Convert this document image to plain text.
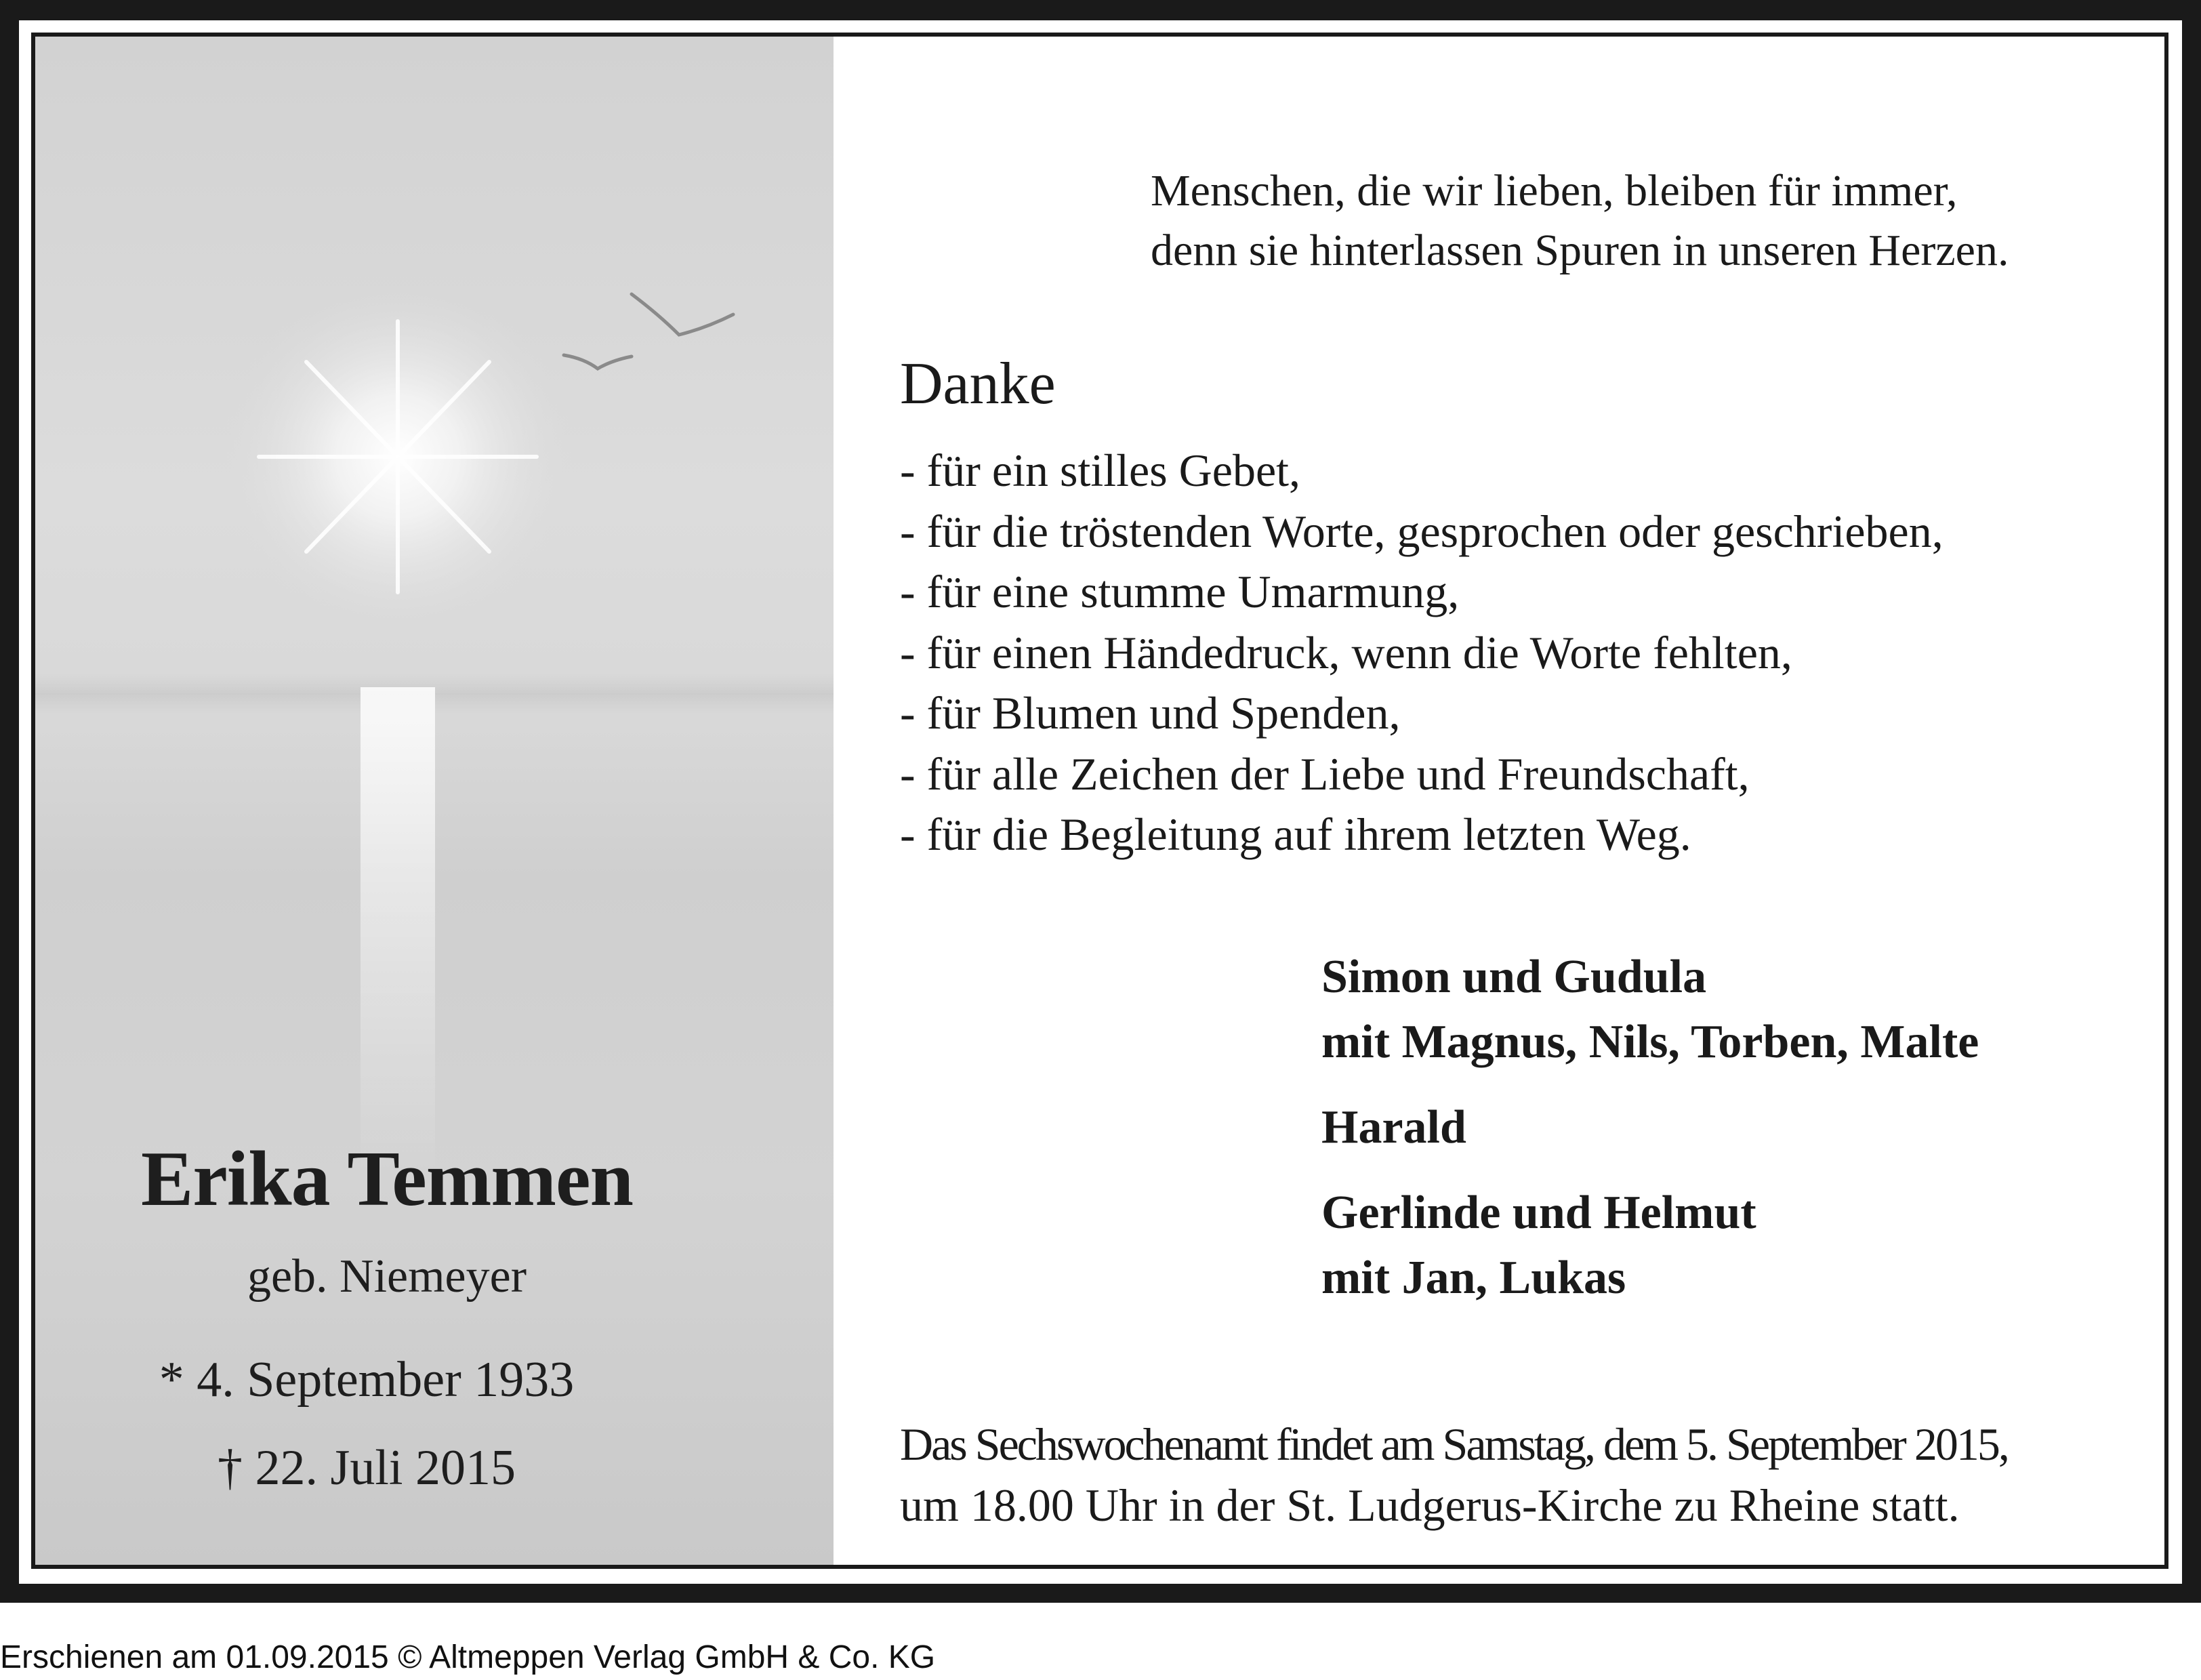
Erika Temmen
geb. Niemeyer
* 4. September 1933
† 22. Juli 2015
Menschen, die wir lieben, bleiben für immer,
denn sie hinterlassen Spuren in unseren Herzen.
Danke
- für ein stilles Gebet,
- für die tröstenden Worte, gesprochen oder geschrieben,
- für eine stumme Umarmung,
- für einen Händedruck, wenn die Worte fehlten,
- für Blumen und Spenden,
- für alle Zeichen der Liebe und Freundschaft,
- für die Begleitung auf ihrem letzten Weg.
Simon und Gudula
mit Magnus, Nils, Torben, Malte
Harald
Gerlinde und Helmut
mit Jan, Lukas
Das Sechswochenamt findet am Samstag, dem 5. September 2015,
um 18.00 Uhr in der St. Ludgerus-Kirche zu Rheine statt.
Erschienen am 01.09.2015 © Altmeppen Verlag GmbH & Co. KG
